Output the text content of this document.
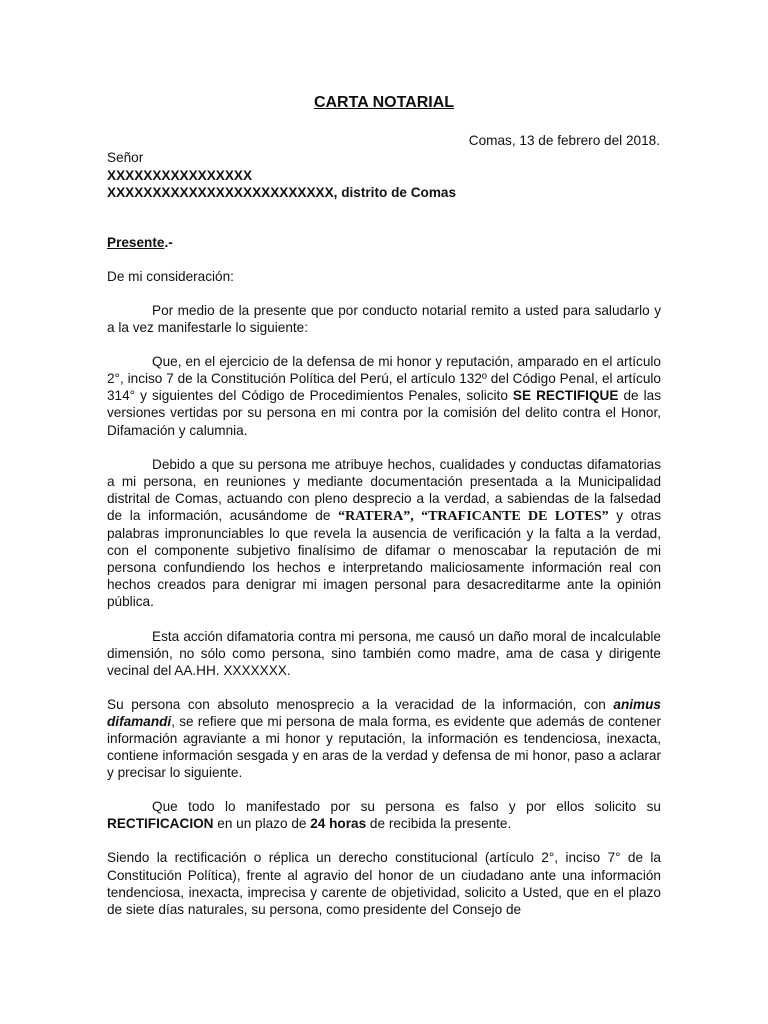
CARTA NOTARIAL
Comas, 13 de febrero del 2018.
Señor
XXXXXXXXXXXXXXXX
XXXXXXXXXXXXXXXXXXXXXXXXX, distrito de Comas
Presente.-
De mi consideración:

Por medio de la presente que por conducto notarial remito a usted para saludarlo y a la vez manifestarle lo siguiente:

Que, en el ejercicio de la defensa de mi honor y reputación, amparado en el artículo 2°, inciso 7 de la Constitución Política del Perú, el artículo 132º del Código Penal, el artículo 314° y siguientes del Código de Procedimientos Penales, solicito SE RECTIFIQUE de las versiones vertidas por su persona en mi contra por la comisión del delito contra el Honor, Difamación y calumnia.

Debido a que su persona me atribuye hechos, cualidades y conductas difamatorias a mi persona, en reuniones y mediante documentación presentada a la Municipalidad distrital de Comas, actuando con pleno desprecio a la verdad, a sabiendas de la falsedad de la información, acusándome de “RATERA”, “TRAFICANTE DE LOTES” y otras palabras impronunciables lo que revela la ausencia de verificación y la falta a la verdad, con el componente subjetivo finalísimo de difamar o menoscabar la reputación de mi persona confundiendo los hechos e interpretando maliciosamente información real con hechos creados para denigrar mi imagen personal para desacreditarme ante la opinión pública.

Esta acción difamatoria contra mi persona, me causó un daño moral de incalculable dimensión, no sólo como persona, sino también como madre, ama de casa y dirigente vecinal del AA.HH. XXXXXXX.

Su persona con absoluto menosprecio a la veracidad de la información, con animus difamandi, se refiere que mi persona de mala forma, es evidente que además de contener información agraviante a mi honor y reputación, la información es tendenciosa, inexacta, contiene información sesgada y en aras de la verdad y defensa de mi honor, paso a aclarar y precisar lo siguiente.

Que todo lo manifestado por su persona es falso y por ellos solicito su RECTIFICACION en un plazo de 24 horas de recibida la presente.

Siendo la rectificación o réplica un derecho constitucional (artículo 2°, inciso 7° de la Constitución Política), frente al agravio del honor de un ciudadano ante una información tendenciosa, inexacta, imprecisa y carente de objetividad, solicito a Usted, que en el plazo de siete días naturales, su persona, como presidente del Consejo de
